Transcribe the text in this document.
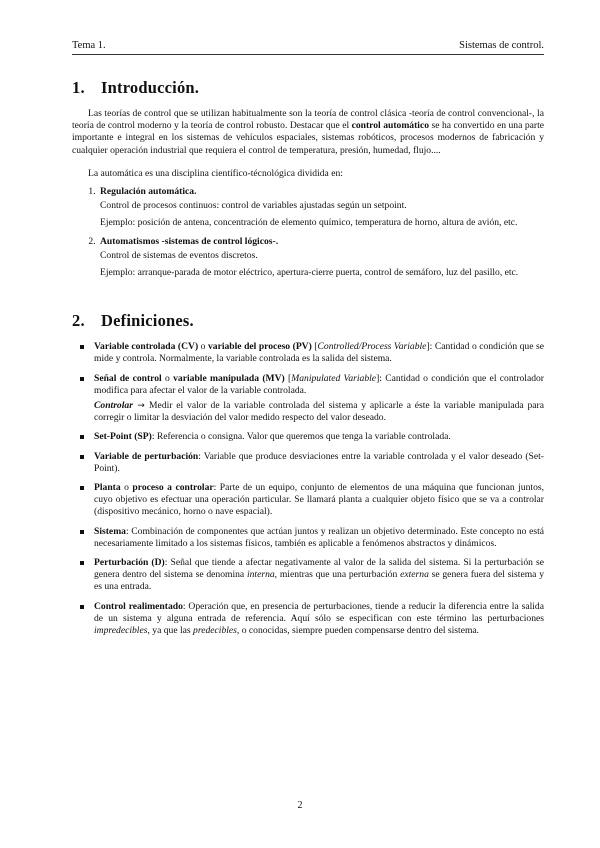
Tema 1.	Sistemas de control.
1. Introducción.

Las teorías de control que se utilizan habitualmente son la teoría de control clásica -teoría de control convencional-, la teoría de control moderno y la teoría de control robusto. Destacar que el control automático se ha convertido en una parte importante e integral en los sistemas de vehículos espaciales, sistemas robóticos, procesos modernos de fabricación y cualquier operación industrial que requiera el control de temperatura, presión, humedad, flujo....

La automática es una disciplina científico-técnológica dividida en:

1. Regulación automática.
Control de procesos continuos: control de variables ajustadas según un setpoint.
Ejemplo: posición de antena, concentración de elemento químico, temperatura de horno, altura de avión, etc.
2. Automatismos -sistemas de control lógicos-.
Control de sistemas de eventos discretos.
Ejemplo: arranque-parada de motor eléctrico, apertura-cierre puerta, control de semáforo, luz del pasillo, etc.
2. Definiciones.
Variable controlada (CV) o variable del proceso (PV) [Controlled/Process Variable]: Cantidad o condición que se mide y controla. Normalmente, la variable controlada es la salida del sistema.
Señal de control o variable manipulada (MV) [Manipulated Variable]: Cantidad o condición que el controlador modifica para afectar el valor de la variable controlada.
Controlar → Medir el valor de la variable controlada del sistema y aplicarle a éste la variable manipulada para corregir o limitar la desviación del valor medido respecto del valor deseado.
Set-Point (SP): Referencia o consigna. Valor que queremos que tenga la variable controlada.
Variable de perturbación: Variable que produce desviaciones entre la variable controlada y el valor deseado (Set-Point).
Planta o proceso a controlar: Parte de un equipo, conjunto de elementos de una máquina que funcionan juntos, cuyo objetivo es efectuar una operación particular. Se llamará planta a cualquier objeto físico que se va a controlar (dispositivo mecánico, horno o nave espacial).
Sistema: Combinación de componentes que actúan juntos y realizan un objetivo determinado. Este concepto no está necesariamente limitado a los sistemas físicos, también es aplicable a fenómenos abstractos y dinámicos.
Perturbación (D): Señal que tiende a afectar negativamente al valor de la salida del sistema. Si la perturbación se genera dentro del sistema se denomina interna, mientras que una perturbación externa se genera fuera del sistema y es una entrada.
Control realimentado: Operación que, en presencia de perturbaciones, tiende a reducir la diferencia entre la salida de un sistema y alguna entrada de referencia. Aquí sólo se especifican con este término las perturbaciones impredecibles, ya que las predecibles, o conocidas, siempre pueden compensarse dentro del sistema.
2
